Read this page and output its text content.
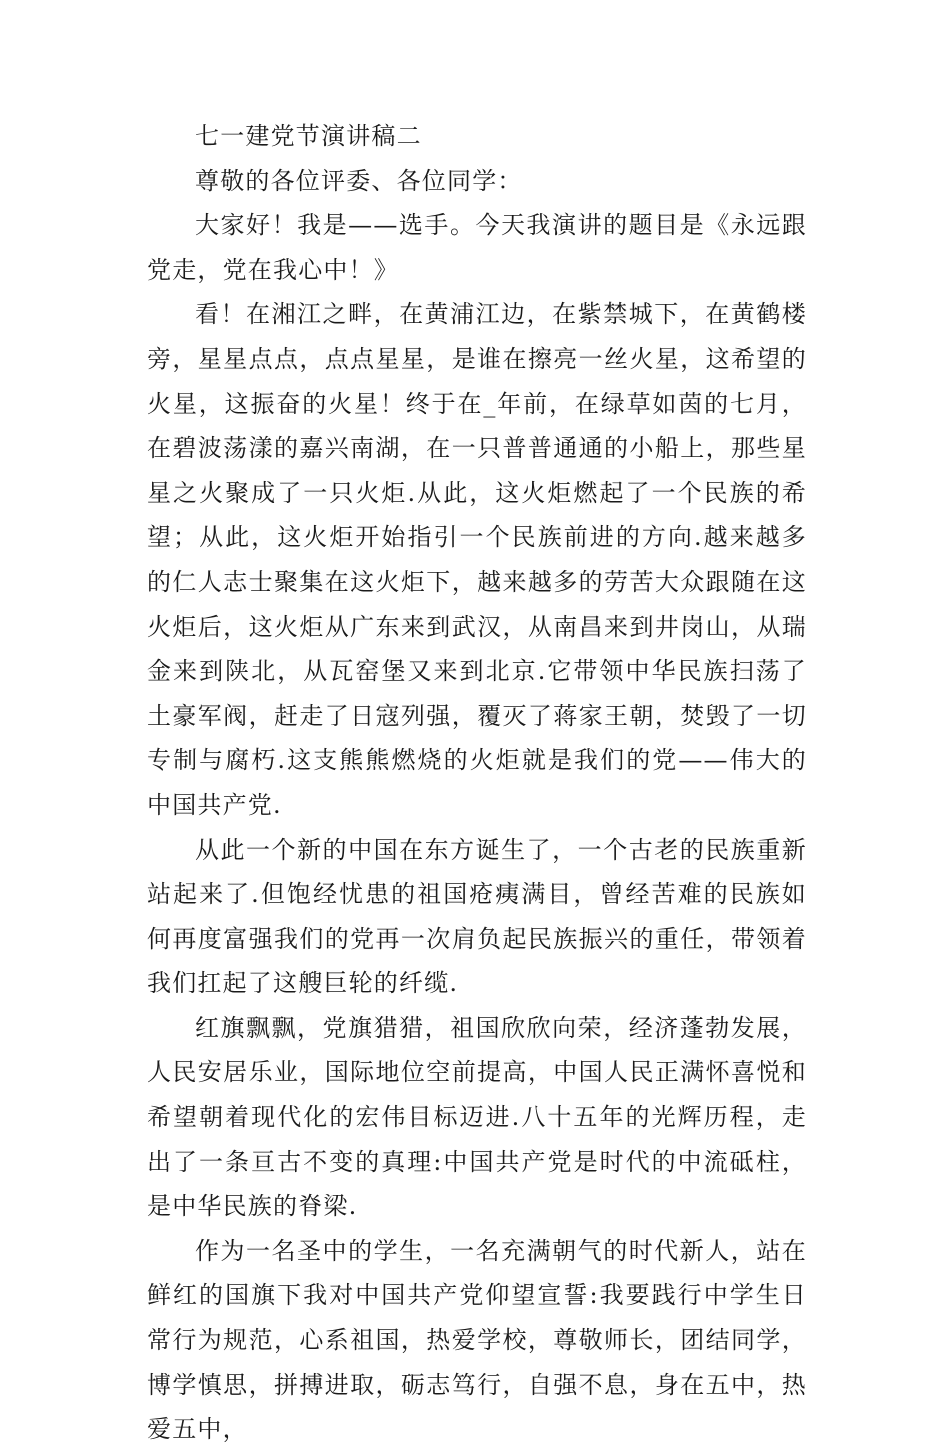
七一建党节演讲稿二

尊敬的各位评委、各位同学：

大家好！我是——选手。今天我演讲的题目是《永远跟党走，党在我心中！》

看！在湘江之畔，在黄浦江边，在紫禁城下，在黄鹤楼旁，星星点点，点点星星，是谁在擦亮一丝火星，这希望的火星，这振奋的火星！终于在_年前，在绿草如茵的七月，在碧波荡漾的嘉兴南湖，在一只普普通通的小船上，那些星星之火聚成了一只火炬.从此，这火炬燃起了一个民族的希望；从此，这火炬开始指引一个民族前进的方向.越来越多的仁人志士聚集在这火炬下，越来越多的劳苦大众跟随在这火炬后，这火炬从广东来到武汉，从南昌来到井岗山，从瑞金来到陕北，从瓦窑堡又来到北京.它带领中华民族扫荡了土豪军阀，赶走了日寇列强，覆灭了蒋家王朝，焚毁了一切专制与腐朽.这支熊熊燃烧的火炬就是我们的党——伟大的中国共产党.

从此一个新的中国在东方诞生了，一个古老的民族重新站起来了.但饱经忧患的祖国疮痍满目，曾经苦难的民族如何再度富强我们的党再一次肩负起民族振兴的重任，带领着我们扛起了这艘巨轮的纤缆.

红旗飘飘，党旗猎猎，祖国欣欣向荣，经济蓬勃发展，人民安居乐业，国际地位空前提高，中国人民正满怀喜悦和希望朝着现代化的宏伟目标迈进.八十五年的光辉历程，走出了一条亘古不变的真理:中国共产党是时代的中流砥柱，是中华民族的脊梁.

作为一名圣中的学生，一名充满朝气的时代新人，站在鲜红的国旗下我对中国共产党仰望宣誓:我要践行中学生日常行为规范，心系祖国，热爱学校，尊敬师长，团结同学，博学慎思，拼搏进取，砺志笃行，自强不息，身在五中，热爱五中，
